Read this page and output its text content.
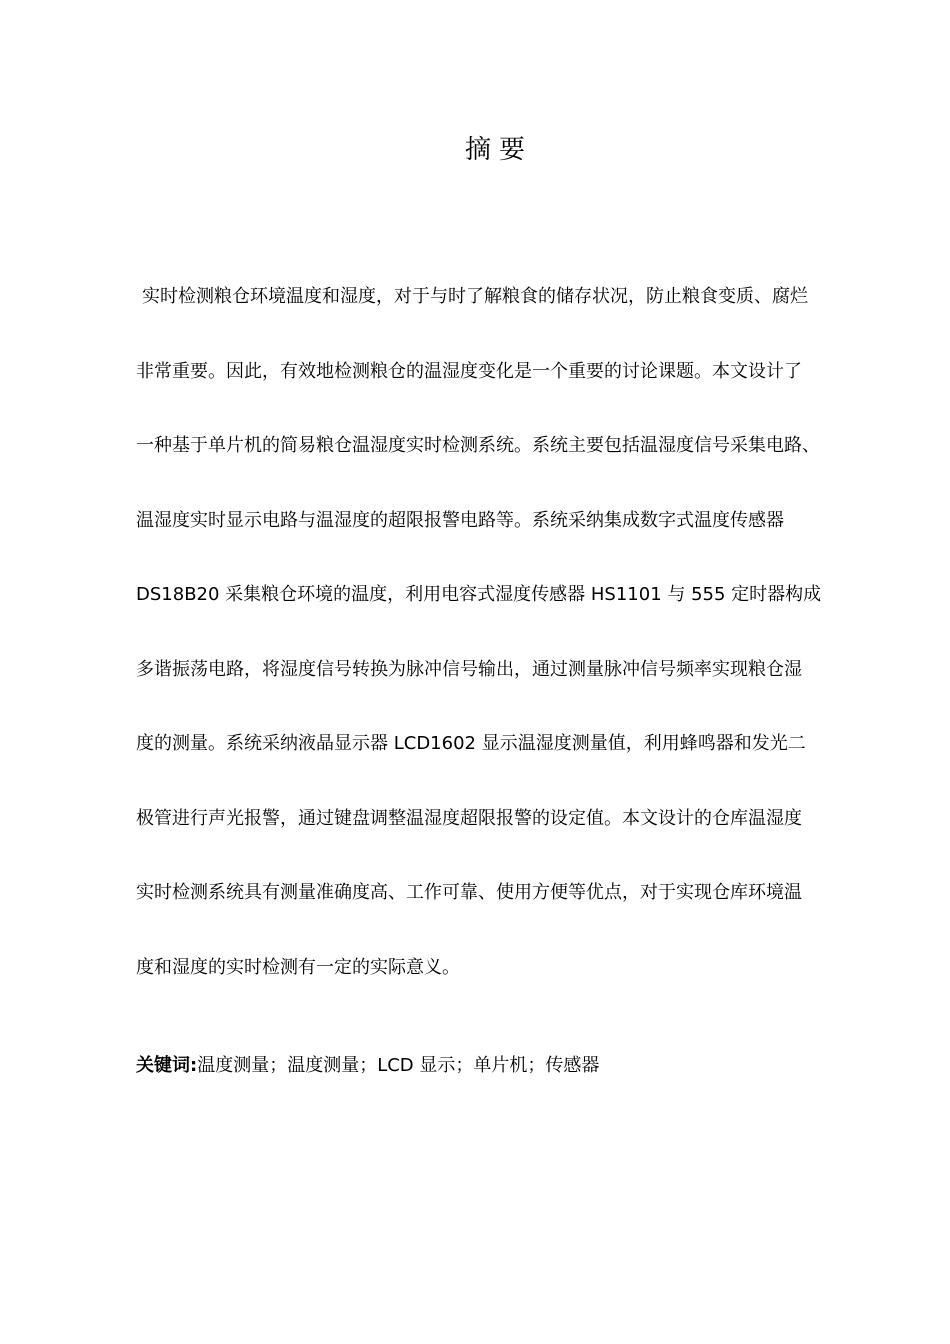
摘要
实时检测粮仓环境温度和湿度，对于与时了解粮食的储存状况，防止粮食变质、腐烂
非常重要。因此，有效地检测粮仓的温湿度变化是一个重要的讨论课题。本文设计了
一种基于单片机的简易粮仓温湿度实时检测系统。系统主要包括温湿度信号采集电路、
温湿度实时显示电路与温湿度的超限报警电路等。系统采纳集成数字式温度传感器
DS18B20 采集粮仓环境的温度，利用电容式湿度传感器 HS1101 与 555 定时器构成
多谐振荡电路，将湿度信号转换为脉冲信号输出，通过测量脉冲信号频率实现粮仓湿
度的测量。系统采纳液晶显示器 LCD1602 显示温湿度测量值，利用蜂鸣器和发光二
极管进行声光报警，通过键盘调整温湿度超限报警的设定值。本文设计的仓库温湿度
实时检测系统具有测量准确度高、工作可靠、使用方便等优点，对于实现仓库环境温
度和湿度的实时检测有一定的实际意义。
关键词:温度测量；温度测量；LCD 显示；单片机；传感器
